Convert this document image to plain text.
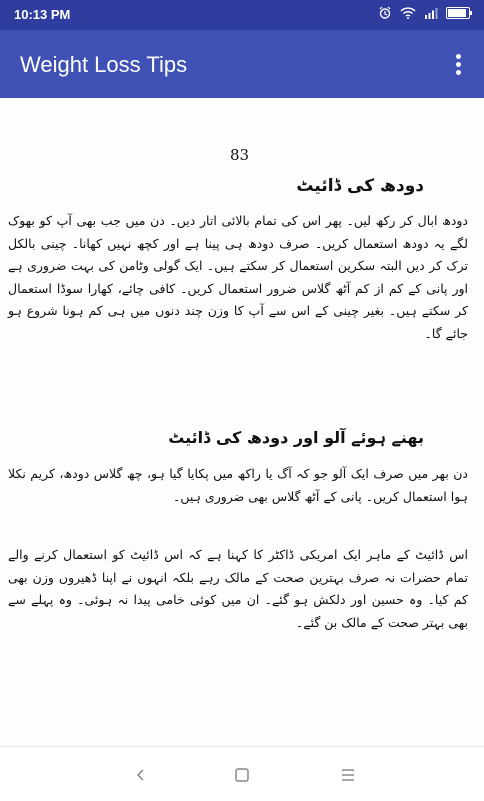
10:13 PM
Weight Loss Tips
83
دودھ کی ڈائیٹ
دودھ ابال کر رکھ لیں۔ پھر اس کی تمام بالائی اتار دیں۔ دن میں جب بھی آپ کو بھوک لگے یہ دودھ استعمال کریں۔ صرف دودھ ہی پینا ہے اور کچھ نہیں کھانا۔ چینی بالکل ترک کر دیں البتہ سکرین استعمال کر سکتے ہیں۔ ایک گولی وٹامن کی بہت ضروری ہے اور پانی کے کم از کم آٹھ گلاس ضرور استعمال کریں۔ کافی چائے، کھارا سوڈا استعمال کر سکتے ہیں۔ بغیر چینی کے اس سے آپ کا وزن چند دنوں میں ہی کم ہونا شروع ہو جائے گا۔
بھنے ہوئے آلو اور دودھ کی ڈائیٹ
دن بھر میں صرف ایک آلو جو کہ آگ یا راکھ میں پکایا گیا ہو، چھ گلاس دودھ، کریم نکلا ہوا استعمال کریں۔ پانی کے آٹھ گلاس بھی ضروری ہیں۔
اس ڈائیٹ کے ماہر ایک امریکی ڈاکٹر کا کہنا ہے کہ اس ڈائیٹ کو استعمال کرنے والے تمام حضرات نہ صرف بہترین صحت کے مالک رہے بلکہ انہوں نے اپنا ڈھیروں وزن بھی کم کیا۔ وہ حسین اور دلکش ہو گئے۔ ان میں کوئی خامی پیدا نہ ہوئی۔ وہ پہلے سے بھی بہتر صحت کے مالک بن گئے۔
